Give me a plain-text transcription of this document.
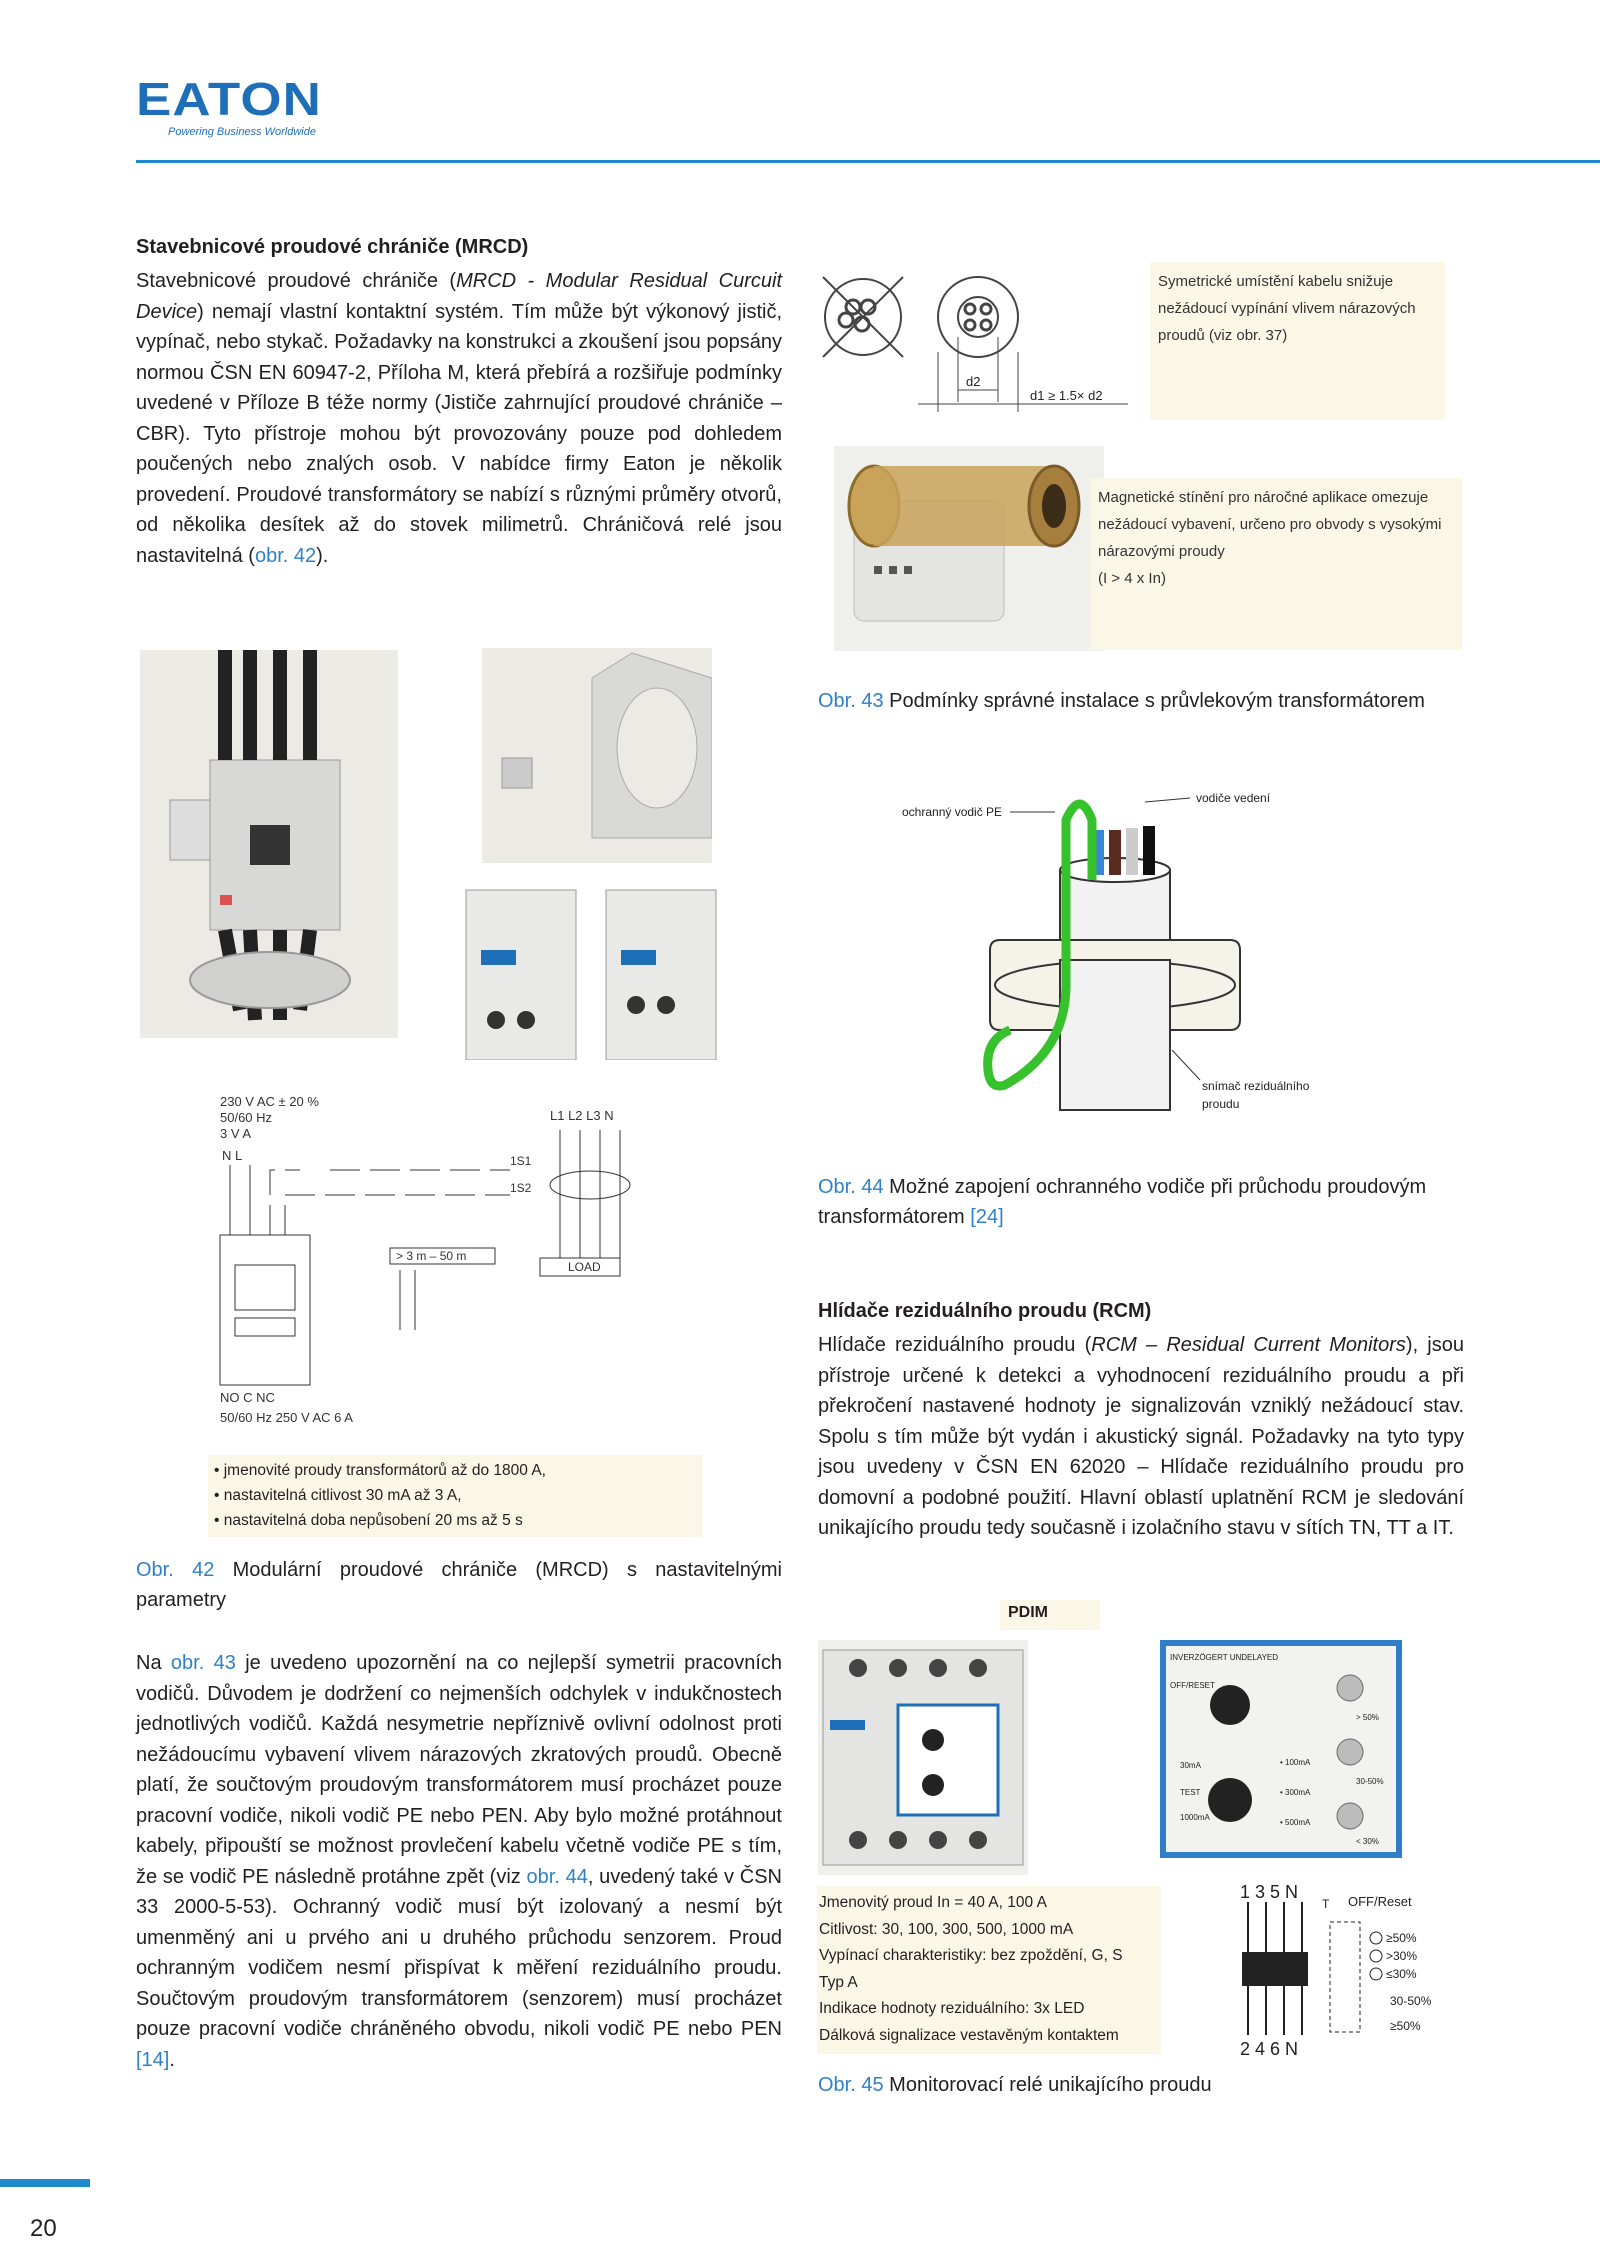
EATON
Powering Business Worldwide
Stavebnicové proudové chrániče (MRCD)
Stavebnicové proudové chrániče (MRCD - Modular Residual Curcuit Device) nemají vlastní kontaktní systém. Tím může být výkonový jistič, vypínač, nebo stykač. Požadavky na konstrukci a zkoušení jsou popsány normou ČSN EN 60947-2, Příloha M, která přebírá a rozšiřuje podmínky uvedené v Příloze B téže normy (Jističe zahrnující proudové chrániče – CBR). Tyto přístroje mohou být provozovány pouze pod dohledem poučených nebo znalých osob. V nabídce firmy Eaton je několik provedení. Proudové transformátory se nabízí s různými průměry otvorů, od několika desítek až do stovek milimetrů. Chráničová relé jsou nastavitelná (obr. 42).
d2
d1 ≥ 1.5× d2
Symetrické umístění kabelu snižuje nežádoucí vypínání vlivem nárazových proudů (viz obr. 37)
Magnetické stínění pro náročné aplikace omezuje nežádoucí vybavení, určeno pro obvody s vysokými nárazovými proudy
(I > 4 x In)
Obr. 43 Podmínky správné instalace s průvlekovým transformátorem
ochranný vodič PE
vodiče vedení
snímač reziduálního proudu
Obr. 44 Možné zapojení ochranného vodiče při průchodu proudovým transformátorem [24]
230 V AC ± 20 %
50/60 Hz
3 V A
N L
L1 L2 L3 N
1S1
1S2
LOAD
> 3 m – 50 m
NO C NC
50/60 Hz 250 V AC 6 A
• jmenovité proudy transformátorů až do 1800 A,
• nastavitelná citlivost 30 mA až 3 A,
• nastavitelná doba nepůsobení 20 ms až 5 s
Obr. 42 Modulární proudové chrániče (MRCD) s nastavitelnými parametry
Na obr. 43 je uvedeno upozornění na co nejlepší symetrii pracovních vodičů. Důvodem je dodržení co nejmenších odchylek v indukčnostech jednotlivých vodičů. Každá nesymetrie nepříznivě ovlivní odolnost proti nežádoucímu vybavení vlivem nárazových zkratových proudů. Obecně platí, že součtovým proudovým transformátorem musí procházet pouze pracovní vodiče, nikoli vodič PE nebo PEN. Aby bylo možné protáhnout kabely, připouští se možnost provlečení kabelu včetně vodiče PE s tím, že se vodič PE následně protáhne zpět (viz obr. 44, uvedený také v ČSN 33 2000-5-53). Ochranný vodič musí být izolovaný a nesmí být umenměný ani u prvého ani u druhého průchodu senzorem. Proud ochranným vodičem nesmí přispívat k měření reziduálního proudu. Součtovým proudovým transformátorem (senzorem) musí procházet pouze pracovní vodiče chráněného obvodu, nikoli vodič PE nebo PEN [14].
Hlídače reziduálního proudu (RCM)
Hlídače reziduálního proudu (RCM – Residual Current Monitors), jsou přístroje určené k detekci a vyhodnocení reziduálního proudu a při překročení nastavené hodnoty je signalizován vzniklý nežádoucí stav. Spolu s tím může být vydán i akustický signál. Požadavky na tyto typy jsou uvedeny v ČSN EN 62020 – Hlídače reziduálního proudu pro domovní a podobné použití. Hlavní oblastí uplatnění RCM je sledování unikajícího proudu tedy současně i izolačního stavu v sítích TN, TT a IT.
PDIM
INVERZÖGERT UNDELAYED
OFF/RESET
30mA
TEST
1000mA
• 100mA
• 300mA
• 500mA
> 50%
30-50%
< 30%
Jmenovitý proud In = 40 A, 100 A
Citlivost: 30, 100, 300, 500, 1000 mA
Vypínací charakteristiky: bez zpoždění, G, S
Typ A
Indikace hodnoty reziduálního: 3x LED
Dálková signalizace vestavěným kontaktem
1 3 5 N
T OFF/Reset
≥50%
>30%
≤30%
30-50%
≥50%
2 4 6 N
Obr. 45 Monitorovací relé unikajícího proudu
20
